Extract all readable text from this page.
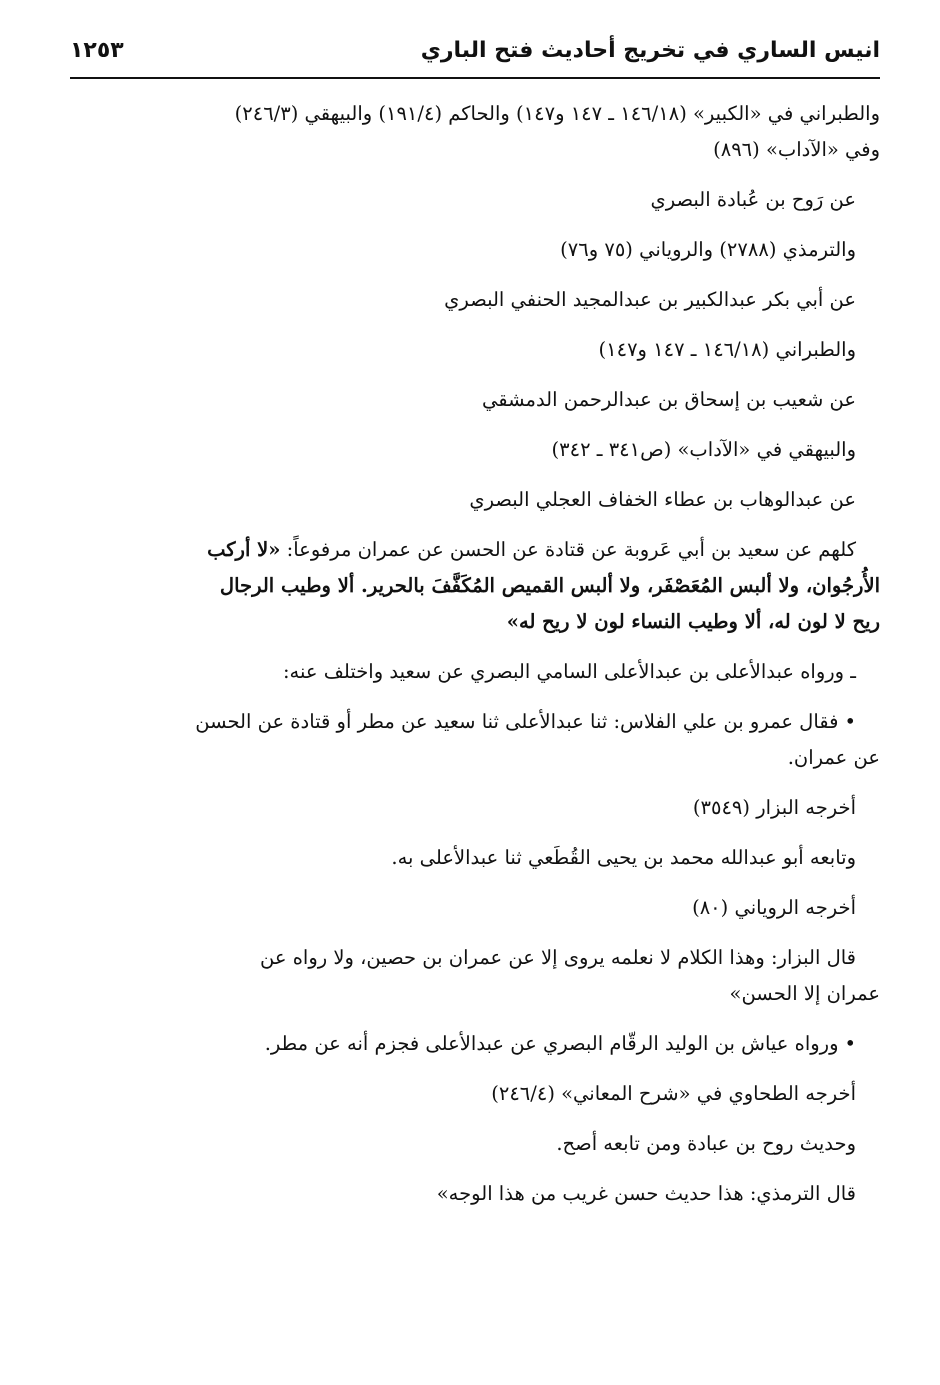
انيس الساري في تخريج أحاديث فتح الباري
١٢٥٣

والطبراني في «الكبير» (١٤٦/١٨ ـ ١٤٧ و١٤٧) والحاكم (١٩١/٤) والبيهقي (٢٤٦/٣)
وفي «الآداب» (٨٩٦)

عن رَوح بن عُبادة البصري

والترمذي (٢٧٨٨) والروياني (٧٥ و٧٦)

عن أبي بكر عبدالكبير بن عبدالمجيد الحنفي البصري

والطبراني (١٤٦/١٨ ـ ١٤٧ و١٤٧)

عن شعيب بن إسحاق بن عبدالرحمن الدمشقي

والبيهقي في «الآداب» (ص٣٤١ ـ ٣٤٢)

عن عبدالوهاب بن عطاء الخفاف العجلي البصري

كلهم عن سعيد بن أبي عَروبة عن قتادة عن الحسن عن عمران مرفوعاً: «لا أركب
الأُرجُوان، ولا ألبس المُعَصْفَر، ولا ألبس القميص المُكَفَّفَ بالحرير. ألا وطيب الرجال
ريح لا لون له، ألا وطيب النساء لون لا ريح له»

ـ ورواه عبدالأعلى بن عبدالأعلى السامي البصري عن سعيد واختلف عنه:

•فقال عمرو بن علي الفلاس: ثنا عبدالأعلى ثنا سعيد عن مطر أو قتادة عن الحسن
عن عمران.

أخرجه البزار (٣٥٤٩)

وتابعه أبو عبدالله محمد بن يحيى القُطَعي ثنا عبدالأعلى به.

أخرجه الروياني (٨٠)

قال البزار: وهذا الكلام لا نعلمه يروى إلا عن عمران بن حصين، ولا رواه عن
عمران إلا الحسن»

•ورواه عياش بن الوليد الرقّام البصري عن عبدالأعلى فجزم أنه عن مطر.

أخرجه الطحاوي في «شرح المعاني» (٢٤٦/٤)

وحديث روح بن عبادة ومن تابعه أصح.

قال الترمذي: هذا حديث حسن غريب من هذا الوجه»
